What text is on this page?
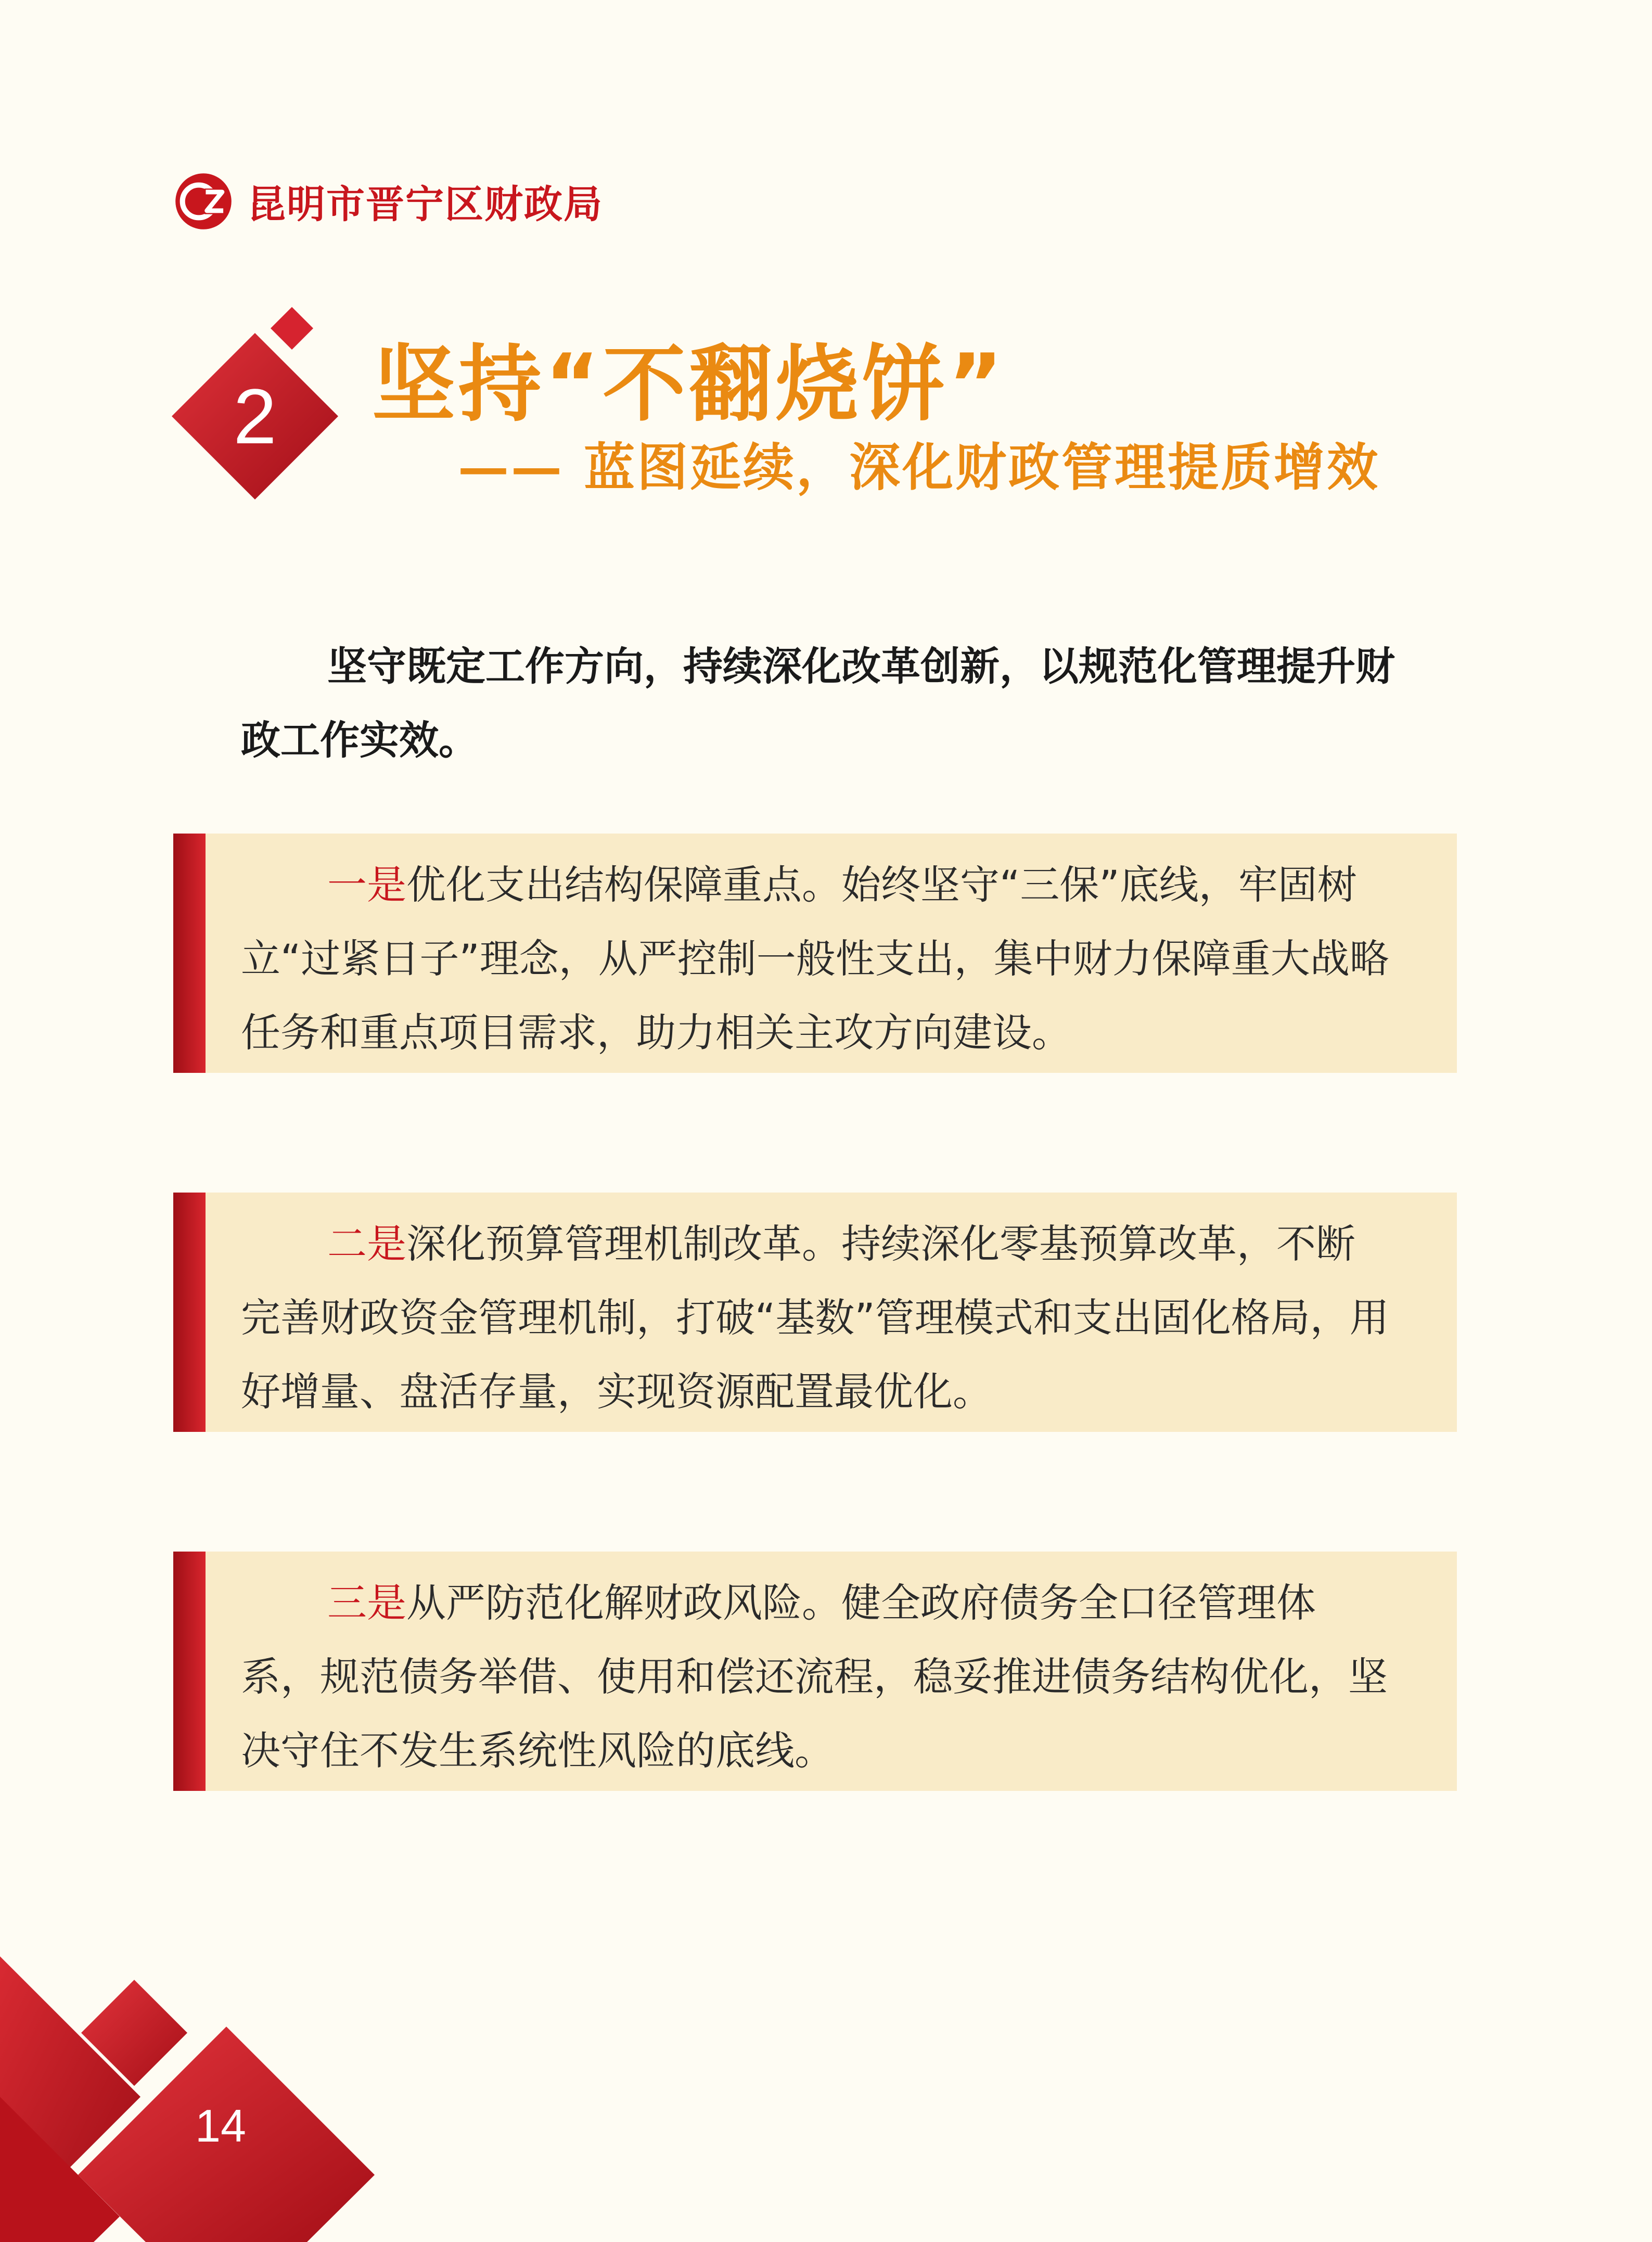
昆明市晋宁区财政局
2	坚持“不翻烧饼”
—— 蓝图延续，深化财政管理提质增效
坚守既定工作方向，持续深化改革创新，以规范化管理提升财政工作实效。

一是优化支出结构保障重点。始终坚守“三保”底线，牢固树立“过紧日子”理念，从严控制一般性支出，集中财力保障重大战略任务和重点项目需求，助力相关主攻方向建设。

二是深化预算管理机制改革。持续深化零基预算改革，不断完善财政资金管理机制，打破“基数”管理模式和支出固化格局，用好增量、盘活存量，实现资源配置最优化。

三是从严防范化解财政风险。健全政府债务全口径管理体系，规范债务举借、使用和偿还流程，稳妥推进债务结构优化，坚决守住不发生系统性风险的底线。

14
